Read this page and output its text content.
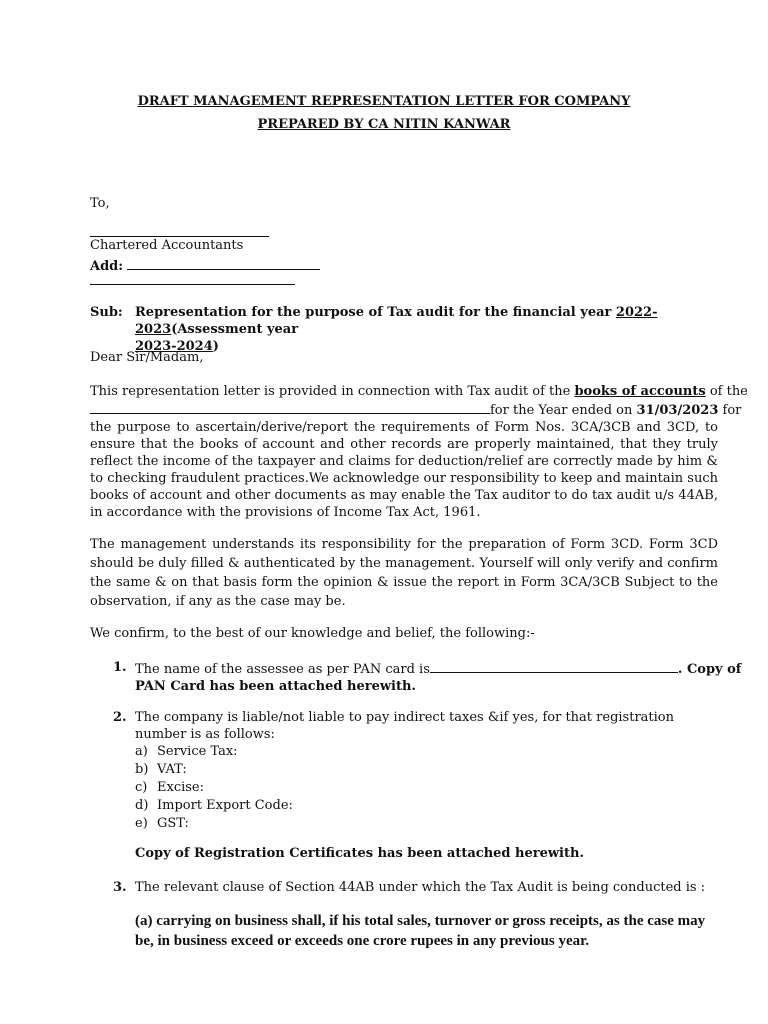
DRAFT MANAGEMENT REPRESENTATION LETTER FOR COMPANY
PREPARED BY CA NITIN KANWAR
To,
Chartered Accountants
Add:
Sub: Representation for the purpose of Tax audit for the financial year 2022-2023(Assessment year
2023-2024)
Dear Sir/Madam,
This representation letter is provided in connection with Tax audit of the books of accounts of the
for the Year ended on 31/03/2023 for
the purpose to ascertain/derive/report the requirements of Form Nos. 3CA/3CB and 3CD, to ensure that the books of account and other records are properly maintained, that they truly reflect the income of the taxpayer and claims for deduction/relief are correctly made by him & to checking fraudulent practices.We acknowledge our responsibility to keep and maintain such books of account and other documents as may enable the Tax auditor to do tax audit u/s 44AB, in accordance with the provisions of Income Tax Act, 1961.
The management understands its responsibility for the preparation of Form 3CD. Form 3CD should be duly filled & authenticated by the management. Yourself will only verify and confirm the same & on that basis form the opinion & issue the report in Form 3CA/3CB Subject to the observation, if any as the case may be.
We confirm, to the best of our knowledge and belief, the following:-
1. The name of the assessee as per PAN card is	. Copy of
PAN Card has been attached herewith.
2. The company is liable/not liable to pay indirect taxes &if yes, for that registration number is as follows:
a) Service Tax:
b) VAT:
c) Excise:
d) Import Export Code:
e) GST:
Copy of Registration Certificates has been attached herewith.
3. The relevant clause of Section 44AB under which the Tax Audit is being conducted is :
(a) carrying on business shall, if his total sales, turnover or gross receipts, as the case may be, in business exceed or exceeds one crore rupees in any previous year.
